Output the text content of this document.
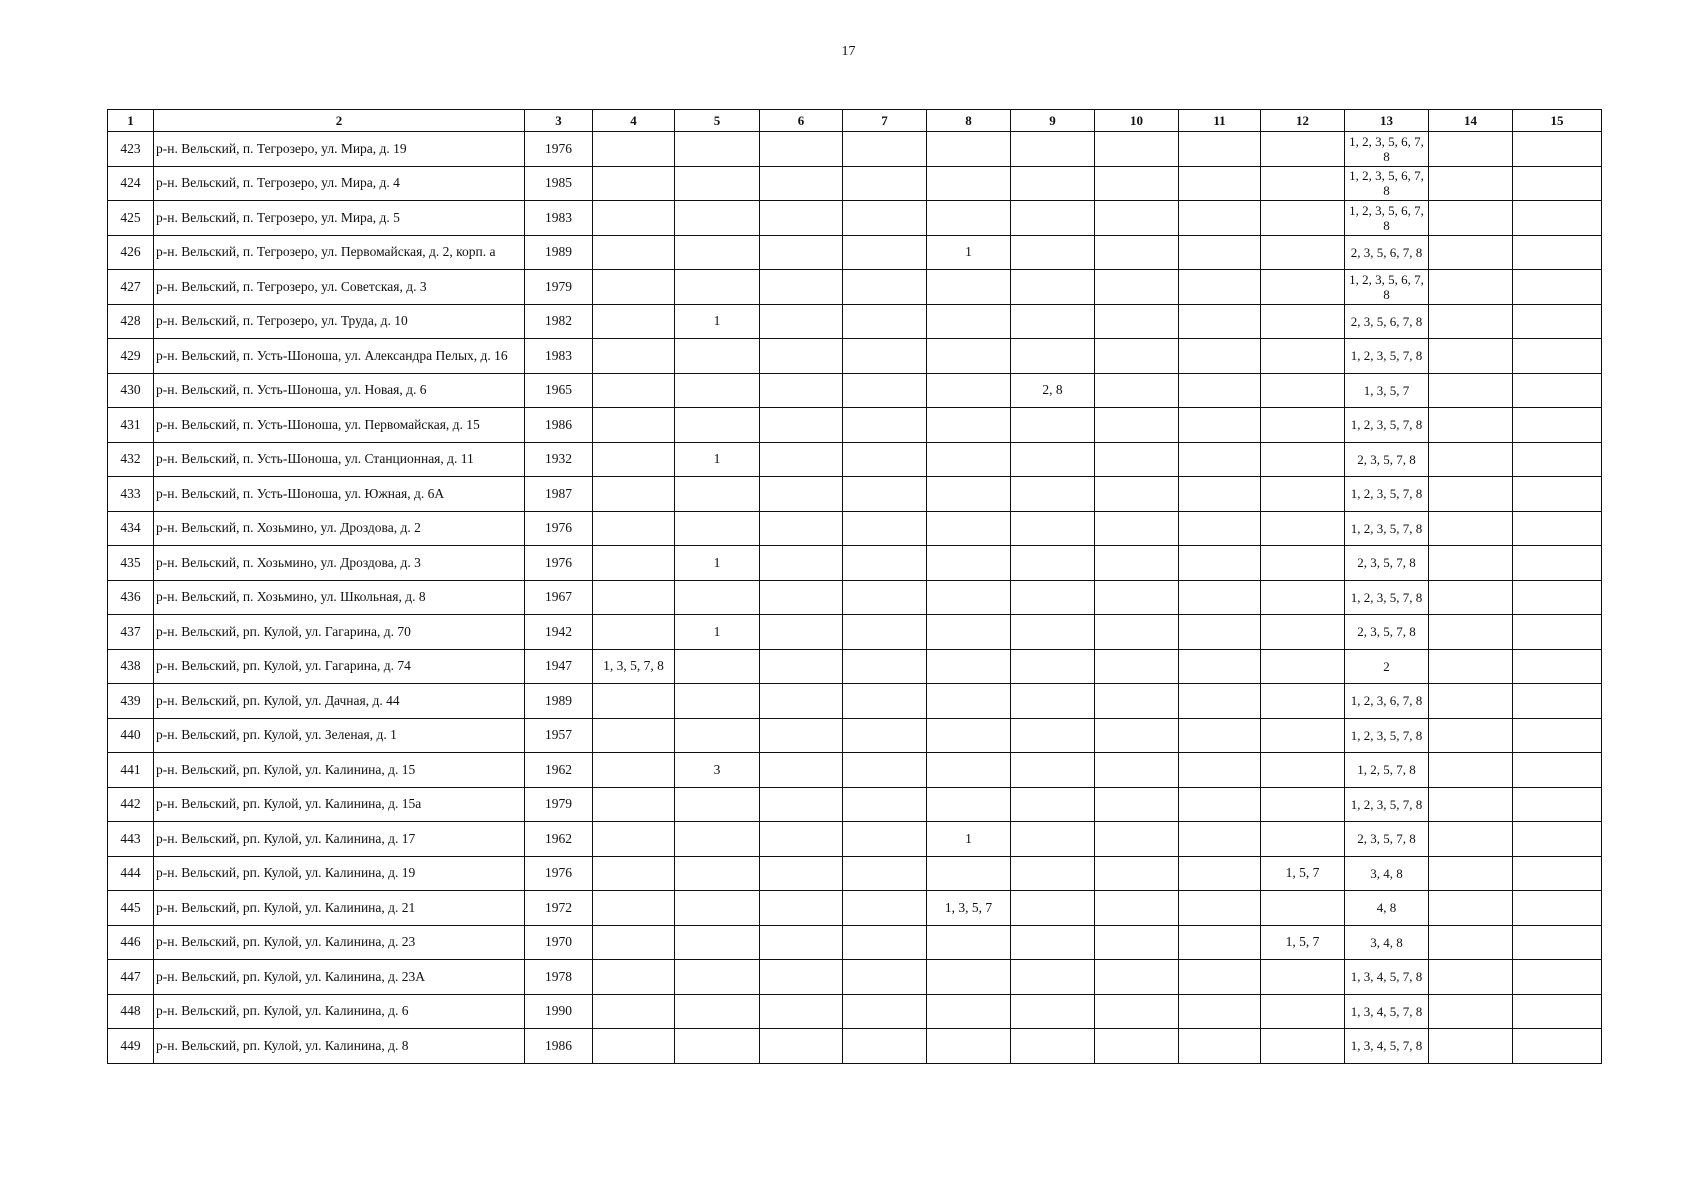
17
1	2	3	4	5	6	7	8	9	10	11	12	13	14	15
423	р-н. Вельский, п. Тегрозеро, ул. Мира, д. 19	1976										1, 2, 3, 5, 6, 7, 8		

424	р-н. Вельский, п. Тегрозеро, ул. Мира, д. 4	1985										1, 2, 3, 5, 6, 7, 8		

425	р-н. Вельский, п. Тегрозеро, ул. Мира, д. 5	1983										1, 2, 3, 5, 6, 7, 8		

426	р-н. Вельский, п. Тегрозеро, ул. Первомайская, д. 2, корп. а	1989					1					2, 3, 5, 6, 7, 8		

427	р-н. Вельский, п. Тегрозеро, ул. Советская, д. 3	1979										1, 2, 3, 5, 6, 7, 8		

428	р-н. Вельский, п. Тегрозеро, ул. Труда, д. 10	1982		1								2, 3, 5, 6, 7, 8		

429	р-н. Вельский, п. Усть-Шоноша, ул. Александра Пелых, д. 16	1983										1, 2, 3, 5, 7, 8		

430	р-н. Вельский, п. Усть-Шоноша, ул. Новая, д. 6	1965						2, 8				1, 3, 5, 7		

431	р-н. Вельский, п. Усть-Шоноша, ул. Первомайская, д. 15	1986										1, 2, 3, 5, 7, 8		

432	р-н. Вельский, п. Усть-Шоноша, ул. Станционная, д. 11	1932		1								2, 3, 5, 7, 8		

433	р-н. Вельский, п. Усть-Шоноша, ул. Южная, д. 6А	1987										1, 2, 3, 5, 7, 8		

434	р-н. Вельский, п. Хозьмино, ул. Дроздова, д. 2	1976										1, 2, 3, 5, 7, 8		

435	р-н. Вельский, п. Хозьмино, ул. Дроздова, д. 3	1976		1								2, 3, 5, 7, 8		

436	р-н. Вельский, п. Хозьмино, ул. Школьная, д. 8	1967										1, 2, 3, 5, 7, 8		

437	р-н. Вельский, рп. Кулой, ул. Гагарина, д. 70	1942		1								2, 3, 5, 7, 8		

438	р-н. Вельский, рп. Кулой, ул. Гагарина, д. 74	1947	1, 3, 5, 7, 8									2		

439	р-н. Вельский, рп. Кулой, ул. Дачная, д. 44	1989										1, 2, 3, 6, 7, 8		

440	р-н. Вельский, рп. Кулой, ул. Зеленая, д. 1	1957										1, 2, 3, 5, 7, 8		

441	р-н. Вельский, рп. Кулой, ул. Калинина, д. 15	1962		3								1, 2, 5, 7, 8		

442	р-н. Вельский, рп. Кулой, ул. Калинина, д. 15а	1979										1, 2, 3, 5, 7, 8		

443	р-н. Вельский, рп. Кулой, ул. Калинина, д. 17	1962					1					2, 3, 5, 7, 8		

444	р-н. Вельский, рп. Кулой, ул. Калинина, д. 19	1976									1, 5, 7	3, 4, 8		

445	р-н. Вельский, рп. Кулой, ул. Калинина, д. 21	1972					1, 3, 5, 7					4, 8		

446	р-н. Вельский, рп. Кулой, ул. Калинина, д. 23	1970									1, 5, 7	3, 4, 8		

447	р-н. Вельский, рп. Кулой, ул. Калинина, д. 23А	1978										1, 3, 4, 5, 7, 8		

448	р-н. Вельский, рп. Кулой, ул. Калинина, д. 6	1990										1, 3, 4, 5, 7, 8		

449	р-н. Вельский, рп. Кулой, ул. Калинина, д. 8	1986										1, 3, 4, 5, 7, 8		
